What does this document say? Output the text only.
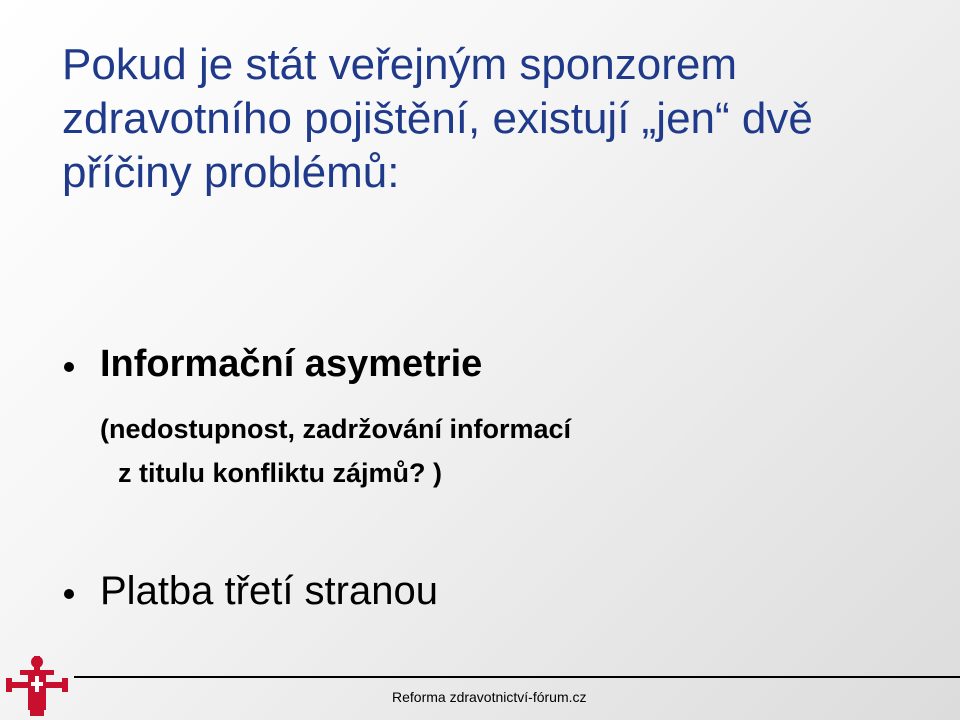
Pokud je stát veřejným sponzorem
zdravotního pojištění, existují „jen“ dvě
příčiny problémů:
Informační asymetrie
(nedostupnost, zadržování informací
z titulu konfliktu zájmů? )
Platba třetí stranou
Reforma zdravotnictví-fórum.cz
